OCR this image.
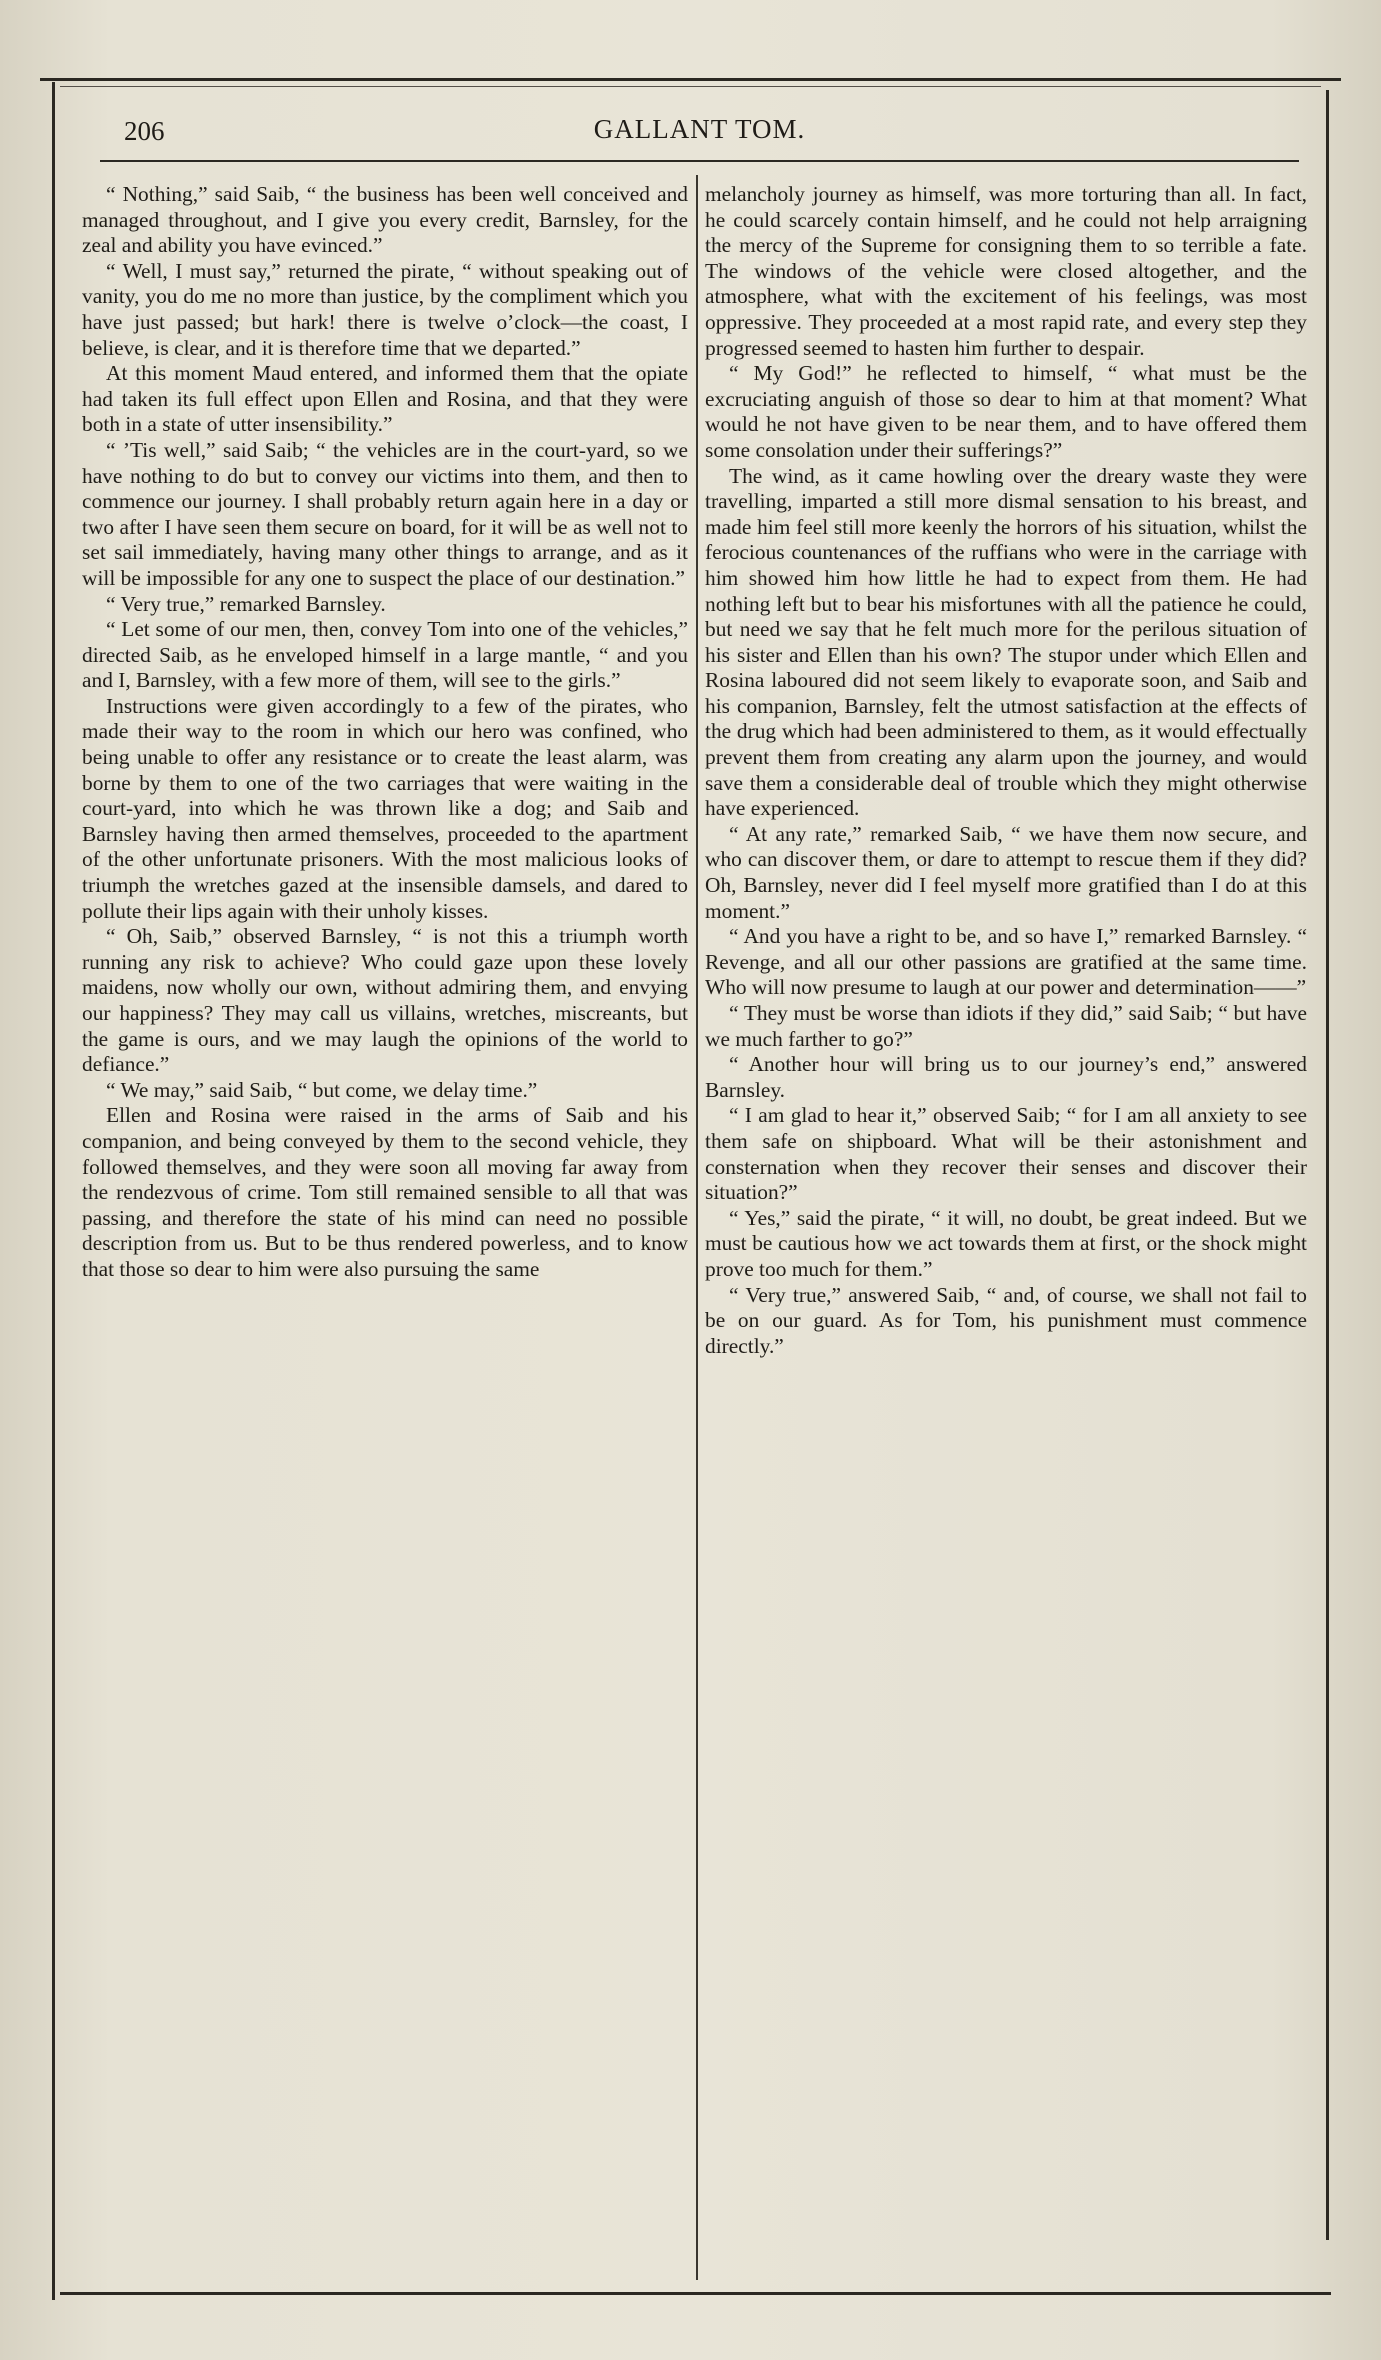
206	GALLANT TOM.

“ Nothing,” said Saib, “ the business has been well conceived and managed throughout, and I give you every credit, Barnsley, for the zeal and ability you have evinced.”

“ Well, I must say,” returned the pirate, “ without speaking out of vanity, you do me no more than justice, by the compliment which you have just passed; but hark! there is twelve o’clock—the coast, I believe, is clear, and it is therefore time that we departed.”

At this moment Maud entered, and informed them that the opiate had taken its full effect upon Ellen and Rosina, and that they were both in a state of utter insensibility.”

“ ’Tis well,” said Saib; “ the vehicles are in the court-yard, so we have nothing to do but to convey our victims into them, and then to commence our journey. I shall probably return again here in a day or two after I have seen them secure on board, for it will be as well not to set sail immediately, having many other things to arrange, and as it will be impossible for any one to suspect the place of our destination.”

“ Very true,” remarked Barnsley.

“ Let some of our men, then, convey Tom into one of the vehicles,” directed Saib, as he enveloped himself in a large mantle, “ and you and I, Barnsley, with a few more of them, will see to the girls.”

Instructions were given accordingly to a few of the pirates, who made their way to the room in which our hero was confined, who being unable to offer any resistance or to create the least alarm, was borne by them to one of the two carriages that were waiting in the court-yard, into which he was thrown like a dog; and Saib and Barnsley having then armed themselves, proceeded to the apartment of the other unfortunate prisoners. With the most malicious looks of triumph the wretches gazed at the insensible damsels, and dared to pollute their lips again with their unholy kisses.

“ Oh, Saib,” observed Barnsley, “ is not this a triumph worth running any risk to achieve? Who could gaze upon these lovely maidens, now wholly our own, without admiring them, and envying our happiness? They may call us villains, wretches, miscreants, but the game is ours, and we may laugh the opinions of the world to defiance.”

“ We may,” said Saib, “ but come, we delay time.”

Ellen and Rosina were raised in the arms of Saib and his companion, and being conveyed by them to the second vehicle, they followed themselves, and they were soon all moving far away from the rendezvous of crime. Tom still remained sensible to all that was passing, and therefore the state of his mind can need no possible description from us. But to be thus rendered powerless, and to know that those so dear to him were also pursuing the same

melancholy journey as himself, was more torturing than all. In fact, he could scarcely contain himself, and he could not help arraigning the mercy of the Supreme for consigning them to so terrible a fate. The windows of the vehicle were closed altogether, and the atmosphere, what with the excitement of his feelings, was most oppressive. They proceeded at a most rapid rate, and every step they progressed seemed to hasten him further to despair.

“ My God!” he reflected to himself, “ what must be the excruciating anguish of those so dear to him at that moment? What would he not have given to be near them, and to have offered them some consolation under their sufferings?”

The wind, as it came howling over the dreary waste they were travelling, imparted a still more dismal sensation to his breast, and made him feel still more keenly the horrors of his situation, whilst the ferocious countenances of the ruffians who were in the carriage with him showed him how little he had to expect from them. He had nothing left but to bear his misfortunes with all the patience he could, but need we say that he felt much more for the perilous situation of his sister and Ellen than his own? The stupor under which Ellen and Rosina laboured did not seem likely to evaporate soon, and Saib and his companion, Barnsley, felt the utmost satisfaction at the effects of the drug which had been administered to them, as it would effectually prevent them from creating any alarm upon the journey, and would save them a considerable deal of trouble which they might otherwise have experienced.

“ At any rate,” remarked Saib, “ we have them now secure, and who can discover them, or dare to attempt to rescue them if they did? Oh, Barnsley, never did I feel myself more gratified than I do at this moment.”

“ And you have a right to be, and so have I,” remarked Barnsley. “ Revenge, and all our other passions are gratified at the same time. Who will now presume to laugh at our power and determination——”

“ They must be worse than idiots if they did,” said Saib; “ but have we much farther to go?”

“ Another hour will bring us to our journey’s end,” answered Barnsley.

“ I am glad to hear it,” observed Saib; “ for I am all anxiety to see them safe on shipboard. What will be their astonishment and consternation when they recover their senses and discover their situation?”

“ Yes,” said the pirate, “ it will, no doubt, be great indeed. But we must be cautious how we act towards them at first, or the shock might prove too much for them.”

“ Very true,” answered Saib, “ and, of course, we shall not fail to be on our guard. As for Tom, his punishment must commence directly.”
